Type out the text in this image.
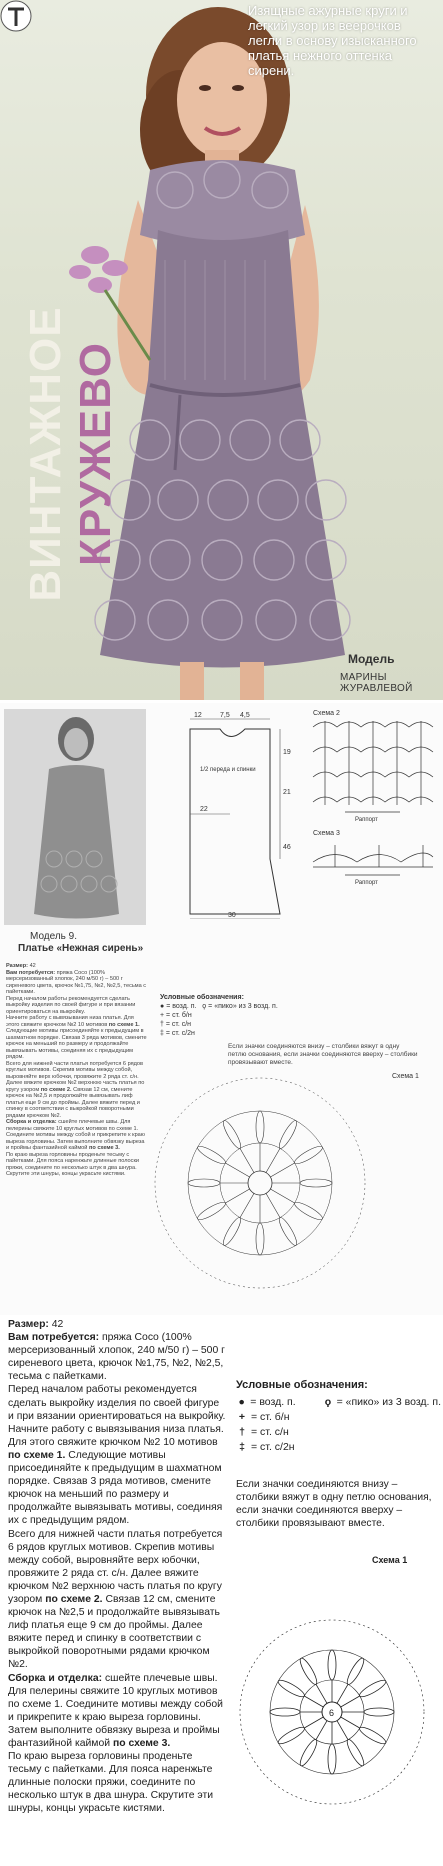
Изящные ажурные круги и легкий узор из веерочков легли в основу изысканного платья нежного оттенка сирени.
ВИНТАЖНОЕ КРУЖЕВО
Модель
МАРИНЫ ЖУРАВЛЕВОЙ
Модель 9.
Платье «Нежная сирень»
Размер: 42
Вам потребуется: пряжа Coco (100% мерсеризованный хлопок, 240 м/50 г) – 500 г сиреневого цвета, крючок №1,75, №2, №2,5, тесьма с пайетками.
Перед началом работы рекомендуется сделать выкройку изделия по своей фигуре и при вязании ориентироваться на выкройку.
Начните работу с вывязывания низа платья. Для этого свяжите крючком №2 10 мотивов по схеме 1. Следующие мотивы присоединяйте к предыдущим в шахматном порядке. Связав 3 ряда мотивов, смените крючок на меньший по размеру и продолжайте вывязывать мотивы, соединяя их с предыдущим рядом.
Всего для нижней части платья потребуется 6 рядов круглых мотивов. Скрепив мотивы между собой, выровняйте верх юбочки, провяжите 2 ряда ст. с/н. Далее вяжите крючком №2 верхнюю часть платья по кругу узором по схеме 2. Связав 12 см, смените крючок на №2,5 и продолжайте вывязывать лиф платья еще 9 см до проймы. Далее вяжите перед и спинку в соответствии с выкройкой поворотными рядами крючком №2.
Сборка и отделка: сшейте плечевые швы. Для пелерины свяжите 10 круглых мотивов по схеме 1. Соедините мотивы между собой и прикрепите к краю выреза горловины. Затем выполните обвязку выреза и проймы фантазийной каймой по схеме 3.
По краю выреза горловины проденьте тесьму с пайетками. Для пояса наренжьте длинные полоски пряжи, соедините по несколько штук в два шнура. Скрутите эти шнуры, концы украсьте кистями.
12	7,5 4,5
19
21
22
46
30
1/2 переда и спинки
Схема 2
Раппорт
Схема 3
Раппорт
Условные обозначения:
● = возд. п. ϙ = «пико» из 3 возд. п.
+ = ст. б/н
† = ст. с/н
‡ = ст. с/2н
Если значки соединяются внизу – столбики вяжут в одну петлю основания, если значки соединяются вверху – столбики провязывают вместе.
Схема 1

Размер: 42

Вам потребуется: пряжа Coco (100% мерсеризованный хлопок, 240 м/50 г) – 500 г сиреневого цвета, крючок №1,75, №2, №2,5, тесьма с пайетками.

Перед началом работы рекомендуется сделать выкройку изделия по своей фигуре и при вязании ориентироваться на выкройку.

Начните работу с вывязывания низа платья. Для этого свяжите крючком №2 10 мотивов по схеме 1. Следующие мотивы присоединяйте к предыдущим в шахматном порядке. Связав 3 ряда мотивов, смените крючок на меньший по размеру и продолжайте вывязывать мотивы, соединяя их с предыдущим рядом.

Всего для нижней части платья потребуется 6 рядов круглых мотивов. Скрепив мотивы между собой, выровняйте верх юбочки, провяжите 2 ряда ст. с/н. Далее вяжите крючком №2 верхнюю часть платья по кругу узором по схеме 2. Связав 12 см, смените крючок на №2,5 и продолжайте вывязывать лиф платья еще 9 см до проймы. Далее вяжите перед и спинку в соответствии с выкройкой поворотными рядами крючком №2.

Сборка и отделка: сшейте плечевые швы. Для пелерины свяжите 10 круглых мотивов по схеме 1. Соедините мотивы между собой и прикрепите к краю выреза горловины. Затем выполните обвязку выреза и проймы фантазийной каймой по схеме 3.

По краю выреза горловины проденьте тесьму с пайетками. Для пояса наренжьте длинные полоски пряжи, соедините по несколько штук в два шнура. Скрутите эти шнуры, концы украсьте кистями.

Условные обозначения:
● = возд. п.	ϙ = «пико» из 3 возд. п.
+ = ст. б/н
† = ст. с/н
‡ = ст. с/2н
Если значки соединяются внизу – столбики вяжут в одну петлю основания, если значки соединяются вверху – столбики провязывают вместе.
Схема 1
6
